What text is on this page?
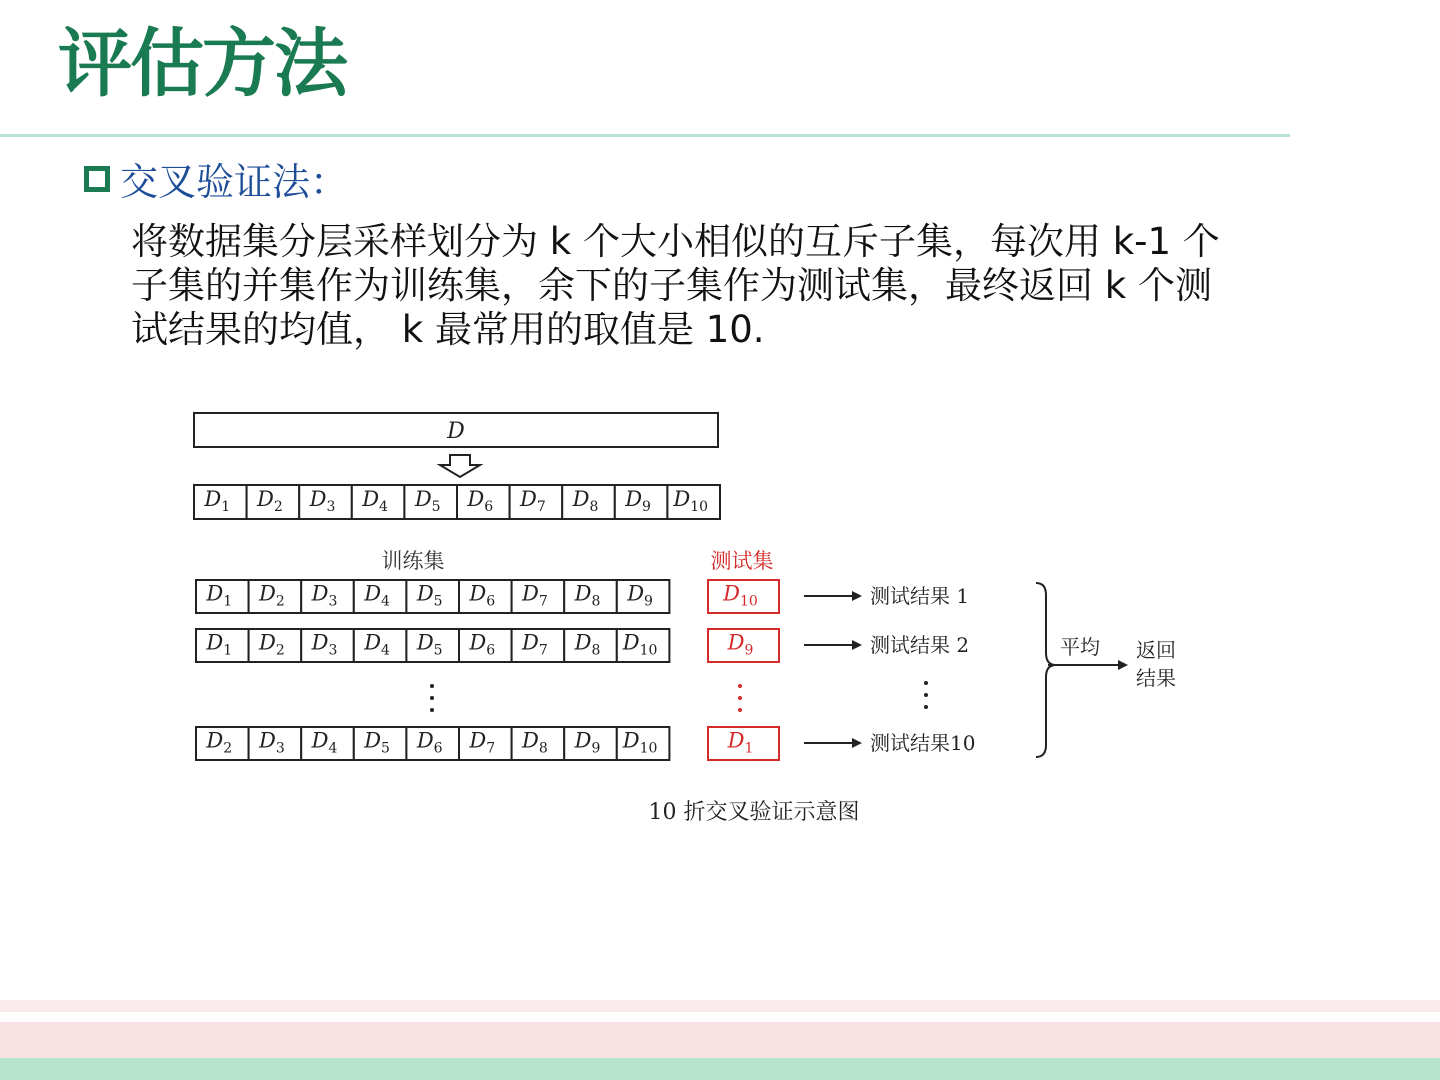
评估方法
交叉验证法：
将数据集分层采样划分为 k 个大小相似的互斥子集，每次用 k-1 个
子集的并集作为训练集，余下的子集作为测试集，最终返回 k 个测
试结果的均值， k 最常用的取值是 10.
D
$D_1$ $D_2$ $D_3$ $D_4$ $D_5$ $D_6$ $D_7$ $D_8$ $D_9$ $D_{10}$
训练集	测试集
$D_1$ $D_2$ $D_3$ $D_4$ $D_5$ $D_6$ $D_7$ $D_8$ $D_9$	$D_{10}$	测试结果 1
$D_1$ $D_2$ $D_3$ $D_4$ $D_5$ $D_6$ $D_7$ $D_8$ $D_{10}$	$D_9$	测试结果 2
$D_2$ $D_3$ $D_4$ $D_5$ $D_6$ $D_7$ $D_8$ $D_9$ $D_{10}$	$D_1$	测试结果10
平均 返回
结果
10 折交叉验证示意图
